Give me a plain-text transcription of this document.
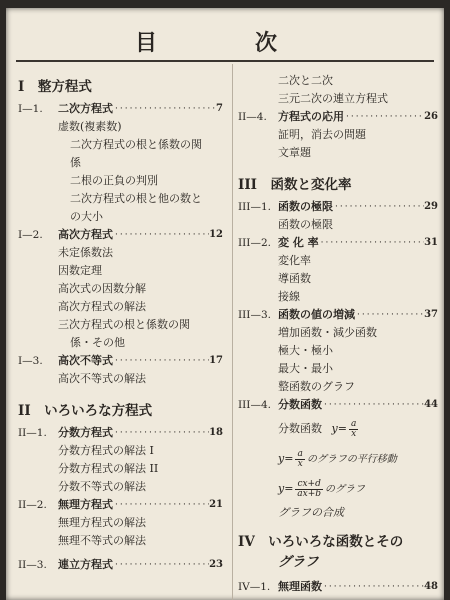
目　次
I　整方程式
I—1.	二次方程式 ·····	7
虚数(複素数)
二次方程式の根と係数の関
係
二根の正負の判別
二次方程式の根と他の数と
の大小
I—2.	高次方程式 ·····	12
未定係数法
因数定理
高次式の因数分解
高次方程式の解法
三次方程式の根と係数の関
係・その他
I—3.	高次不等式 ·····	17
高次不等式の解法
II　いろいろな方程式
II—1.	分数方程式 ·····	18
分数方程式の解法 I
分数方程式の解法 II
分数不等式の解法
II—2.	無理方程式 ·····	21
無理方程式の解法
無理不等式の解法
II—3.	連立方程式 ·····	23
二次と二次
三元二次の連立方程式
II—4.	方程式の応用 ·····	26
証明，消去の問題
文章題
III　函数と変化率
III—1. 函数の極限 ·····	29
函数の極限
III—2. 変 化 率 ·····	31
変化率
導函数
接線
III—3. 函数の値の増減 ·····	37
増加函数・減少函数
極大・極小
最大・最小
整函数のグラフ
III—4. 分数函数 ·····	44
分数函数 $y= \frac{a}{x}$
$y= \frac{a}{x}$ のグラフの平行移動
$y= \frac{cx+d}{ax+b}$ のグラフ
グラフの合成
IV　いろいろな函数とその
グラフ
IV—1. 無理函数 ·····	48
